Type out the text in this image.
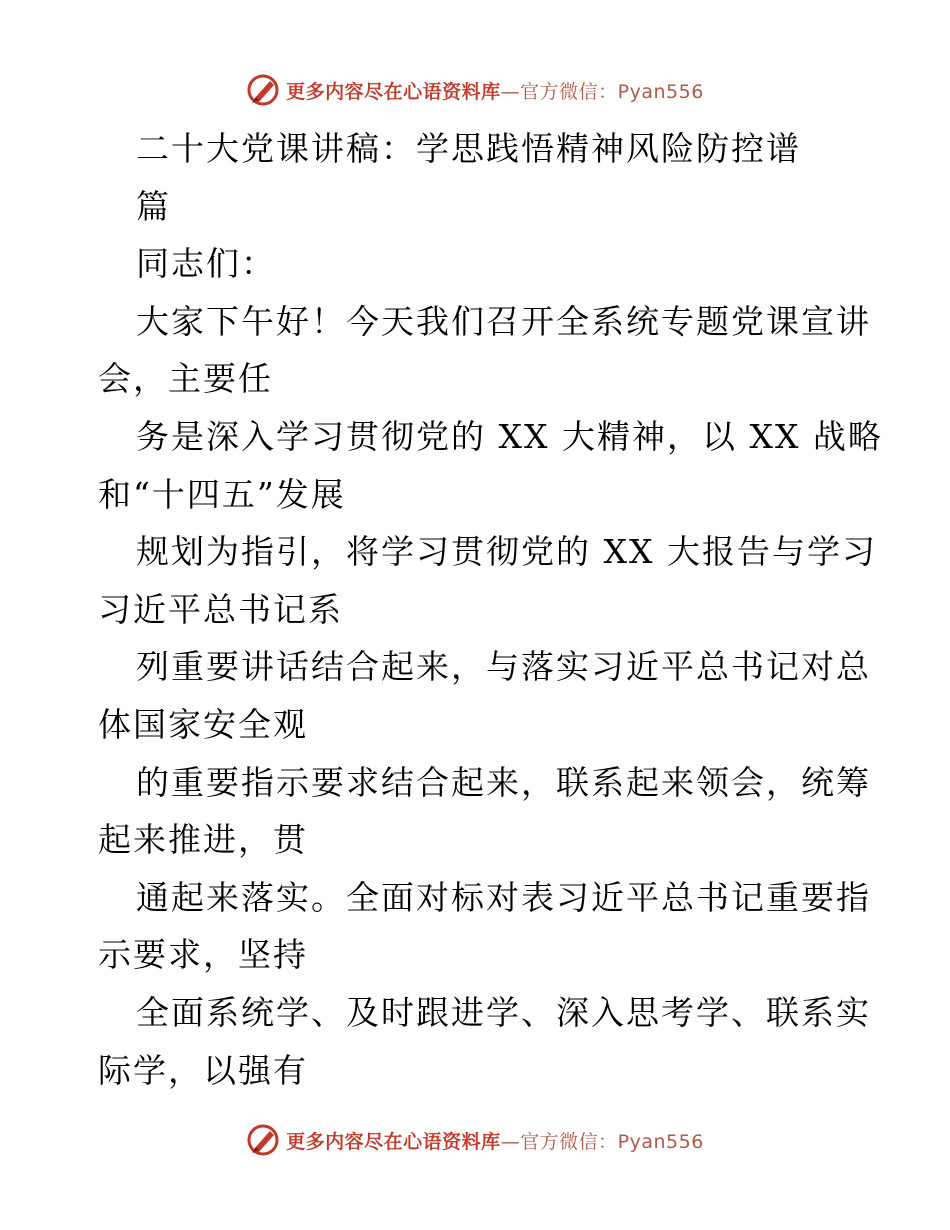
更多内容尽在心语资料库—官方微信：Pyan556
二十大党课讲稿：学思践悟精神风险防控谱
篇
同志们：
大家下午好！今天我们召开全系统专题党课宣讲
会，主要任
务是深入学习贯彻党的 XX 大精神，以 XX 战略
和“十四五”发展
规划为指引，将学习贯彻党的 XX 大报告与学习
习近平总书记系
列重要讲话结合起来，与落实习近平总书记对总
体国家安全观
的重要指示要求结合起来，联系起来领会，统筹
起来推进，贯
通起来落实。全面对标对表习近平总书记重要指
示要求，坚持
全面系统学、及时跟进学、深入思考学、联系实
际学，以强有
更多内容尽在心语资料库—官方微信：Pyan556
